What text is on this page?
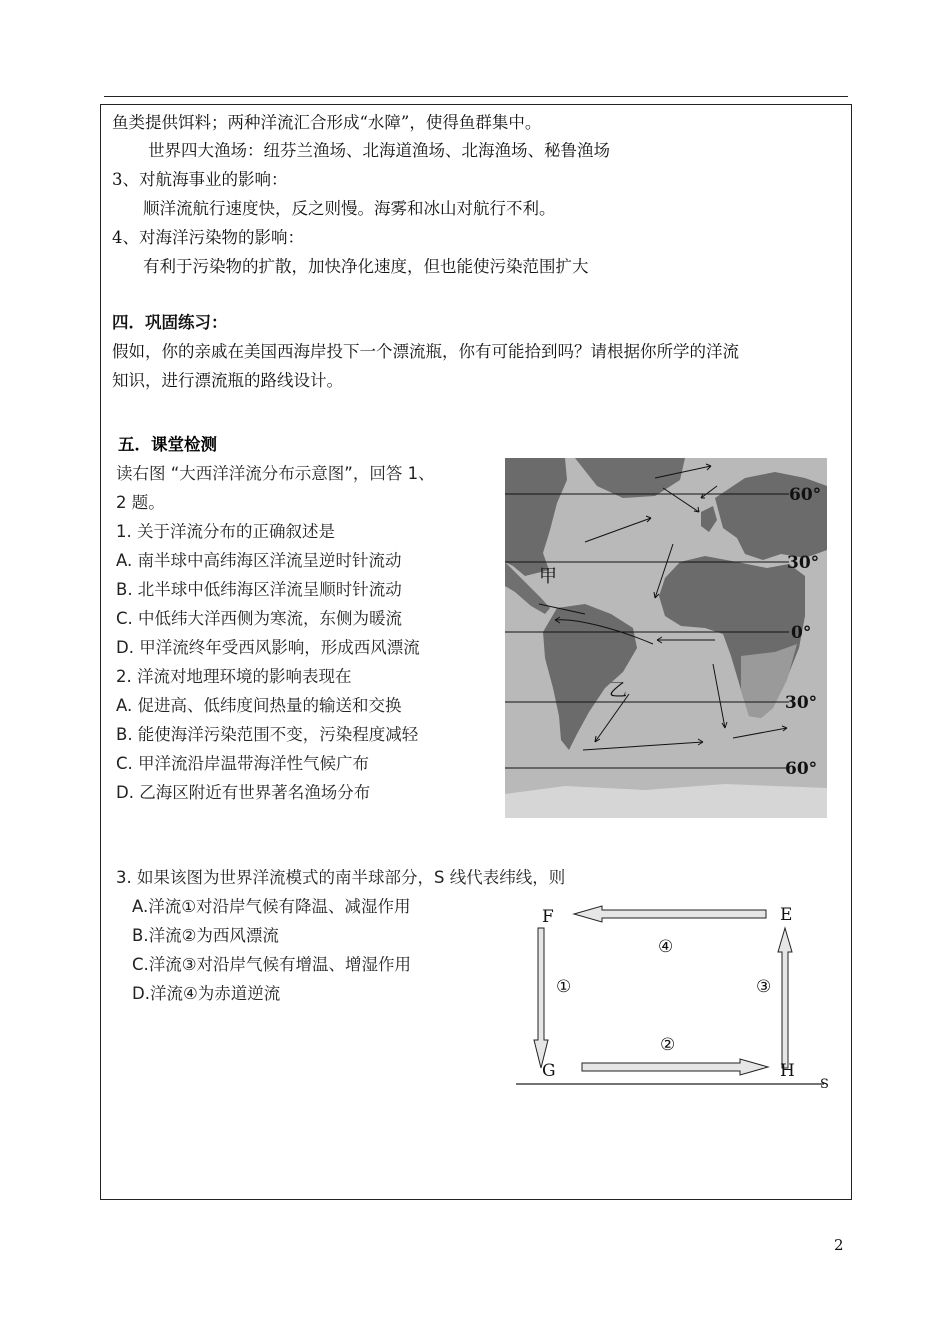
鱼类提供饵料；两种洋流汇合形成“水障”，使得鱼群集中。
世界四大渔场：纽芬兰渔场、北海道渔场、北海渔场、秘鲁渔场
3、对航海事业的影响：
顺洋流航行速度快，反之则慢。海雾和冰山对航行不利。
4、对海洋污染物的影响：
有利于污染物的扩散，加快净化速度，但也能使污染范围扩大
四．巩固练习：
假如，你的亲戚在美国西海岸投下一个漂流瓶，你有可能拾到吗？请根据你所学的洋流
知识，进行漂流瓶的路线设计。
五．课堂检测
读右图 “大西洋洋流分布示意图”，回答 1、
2 题。
1. 关于洋流分布的正确叙述是
A. 南半球中高纬海区洋流呈逆时针流动
B. 北半球中低纬海区洋流呈顺时针流动
C. 中低纬大洋西侧为寒流，东侧为暖流
D. 甲洋流终年受西风影响，形成西风漂流
2. 洋流对地理环境的影响表现在
A. 促进高、低纬度间热量的输送和交换
B. 能使海洋污染范围不变，污染程度减轻
C. 甲洋流沿岸温带海洋性气候广布
D. 乙海区附近有世界著名渔场分布
3. 如果该图为世界洋流模式的南半球部分，S 线代表纬线，则
A.洋流①对沿岸气候有降温、减湿作用
B.洋流②为西风漂流
C.洋流③对沿岸气候有增温、增湿作用
D.洋流④为赤道逆流
60°
30°
0°
30°
60°
甲
乙
F	E
G	H
S
④
①	③
②
2
